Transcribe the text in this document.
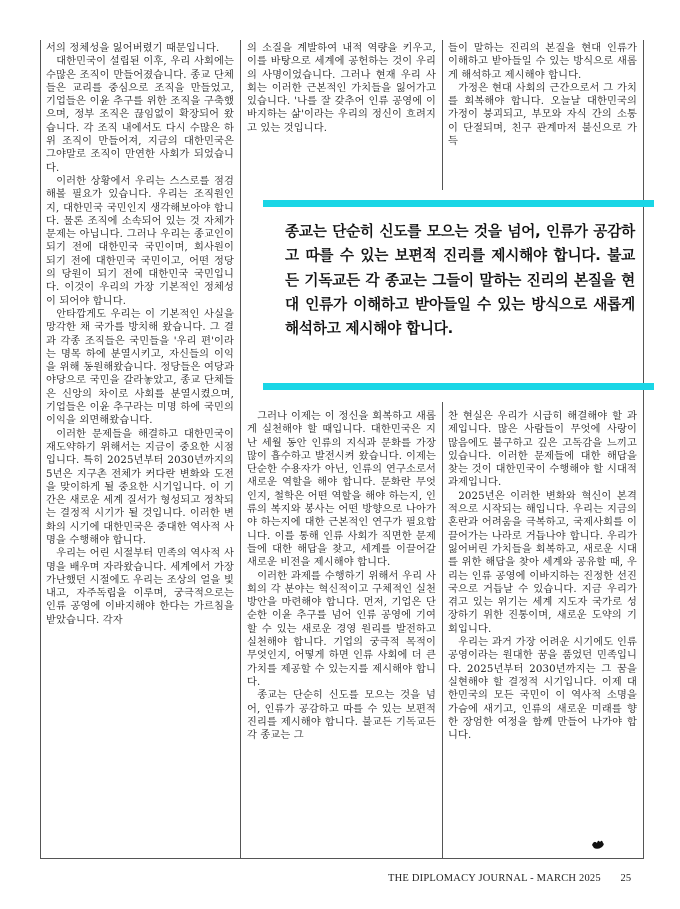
서의 정체성을 잃어버렸기 때문입니다.

대한민국이 설립된 이후, 우리 사회에는 수많은 조직이 만들어졌습니다. 종교 단체들은 교리를 중심으로 조직을 만들었고, 기업들은 이윤 추구를 위한 조직을 구축했으며, 정부 조직은 끊임없이 확장되어 왔습니다. 각 조직 내에서도 다시 수많은 하위 조직이 만들어져, 지금의 대한민국은 그야말로 조직이 만연한 사회가 되었습니다.

이러한 상황에서 우리는 스스로를 점검해볼 필요가 있습니다. 우리는 조직원인지, 대한민국 국민인지 생각해보아야 합니다. 물론 조직에 소속되어 있는 것 자체가 문제는 아닙니다. 그러나 우리는 종교인이 되기 전에 대한민국 국민이며, 회사원이 되기 전에 대한민국 국민이고, 어떤 정당의 당원이 되기 전에 대한민국 국민입니다. 이것이 우리의 가장 기본적인 정체성이 되어야 합니다.

안타깝게도 우리는 이 기본적인 사실을 망각한 채 국가를 방치해 왔습니다. 그 결과 각종 조직들은 국민들을 '우리 편'이라는 명목 하에 분열시키고, 자신들의 이익을 위해 동원해왔습니다. 정당들은 여당과 야당으로 국민을 갈라놓았고, 종교 단체들은 신앙의 차이로 사회를 분열시켰으며, 기업들은 이윤 추구라는 미명 하에 국민의 이익을 외면해왔습니다.

이러한 문제들을 해결하고 대한민국이 재도약하기 위해서는 지금이 중요한 시점입니다. 특히 2025년부터 2030년까지의 5년은 지구촌 전체가 커다란 변화와 도전을 맞이하게 될 중요한 시기입니다. 이 기간은 새로운 세계 질서가 형성되고 정착되는 결정적 시기가 될 것입니다. 이러한 변화의 시기에 대한민국은 중대한 역사적 사명을 수행해야 합니다.

우리는 어린 시절부터 민족의 역사적 사명을 배우며 자라왔습니다. 세계에서 가장 가난했던 시절에도 우리는 조상의 얼을 빛내고, 자주독립을 이루며, 궁극적으로는 인류 공영에 이바지해야 한다는 가르침을 받았습니다. 각자

의 소질을 계발하여 내적 역량을 키우고, 이를 바탕으로 세계에 공헌하는 것이 우리의 사명이었습니다. 그러나 현재 우리 사회는 이러한 근본적인 가치들을 잃어가고 있습니다. '나를 잘 갖추어 인류 공영에 이바지하는 삶'이라는 우리의 정신이 흐려지고 있는 것입니다.

들이 말하는 진리의 본질을 현대 인류가 이해하고 받아들일 수 있는 방식으로 새롭게 해석하고 제시해야 합니다.

가정은 현대 사회의 근간으로서 그 가치를 회복해야 합니다. 오늘날 대한민국의 가정이 붕괴되고, 부모와 자식 간의 소통이 단절되며, 친구 관계마저 불신으로 가득

종교는 단순히 신도를 모으는 것을 넘어, 인류가 공감하고 따를 수 있는 보편적 진리를 제시해야 합니다. 불교든 기독교든 각 종교는 그들이 말하는 진리의 본질을 현대 인류가 이해하고 받아들일 수 있는 방식으로 새롭게 해석하고 제시해야 합니다.

그러나 이제는 이 정신을 회복하고 새롭게 실천해야 할 때입니다. 대한민국은 지난 세월 동안 인류의 지식과 문화를 가장 많이 흡수하고 발전시켜 왔습니다. 이제는 단순한 수용자가 아닌, 인류의 연구소로서 새로운 역할을 해야 합니다. 문화란 무엇인지, 철학은 어떤 역할을 해야 하는지, 인류의 복지와 봉사는 어떤 방향으로 나아가야 하는지에 대한 근본적인 연구가 필요합니다. 이를 통해 인류 사회가 직면한 문제들에 대한 해답을 찾고, 세계를 이끌어갈 새로운 비전을 제시해야 합니다.

이러한 과제를 수행하기 위해서 우리 사회의 각 분야는 혁신적이고 구체적인 실천 방안을 마련해야 합니다. 먼저, 기업은 단순한 이윤 추구를 넘어 인류 공영에 기여할 수 있는 새로운 경영 원리를 발전하고 실천해야 합니다. 기업의 궁극적 목적이 무엇인지, 어떻게 하면 인류 사회에 더 큰 가치를 제공할 수 있는지를 제시해야 합니다.

종교는 단순히 신도를 모으는 것을 넘어, 인류가 공감하고 따를 수 있는 보편적 진리를 제시해야 합니다. 불교든 기독교든 각 종교는 그

찬 현실은 우리가 시급히 해결해야 할 과제입니다. 많은 사람들이 무엇에 사랑이 많음에도 불구하고 깊은 고독감을 느끼고 있습니다. 이러한 문제들에 대한 해답을 찾는 것이 대한민국이 수행해야 할 시대적 과제입니다.

2025년은 이러한 변화와 혁신이 본격적으로 시작되는 해입니다. 우리는 지금의 혼란과 어려움을 극복하고, 국제사회를 이끌어가는 나라로 거듭나야 합니다. 우리가 잃어버린 가치들을 회복하고, 새로운 시대를 위한 해답을 찾아 세계와 공유할 때, 우리는 인류 공영에 이바지하는 진정한 선진국으로 거듭날 수 있습니다. 지금 우리가 겪고 있는 위기는 세계 지도자 국가로 성장하기 위한 진통이며, 새로운 도약의 기회입니다.

우리는 과거 가장 어려운 시기에도 인류 공영이라는 원대한 꿈을 품었던 민족입니다. 2025년부터 2030년까지는 그 꿈을 실현해야 할 결정적 시기입니다. 이제 대한민국의 모든 국민이 이 역사적 소명을 가슴에 새기고, 인류의 새로운 미래를 향한 장엄한 여정을 함께 만들어 나가야 합니다.

THE DIPLOMACY JOURNAL - MARCH 2025 25
